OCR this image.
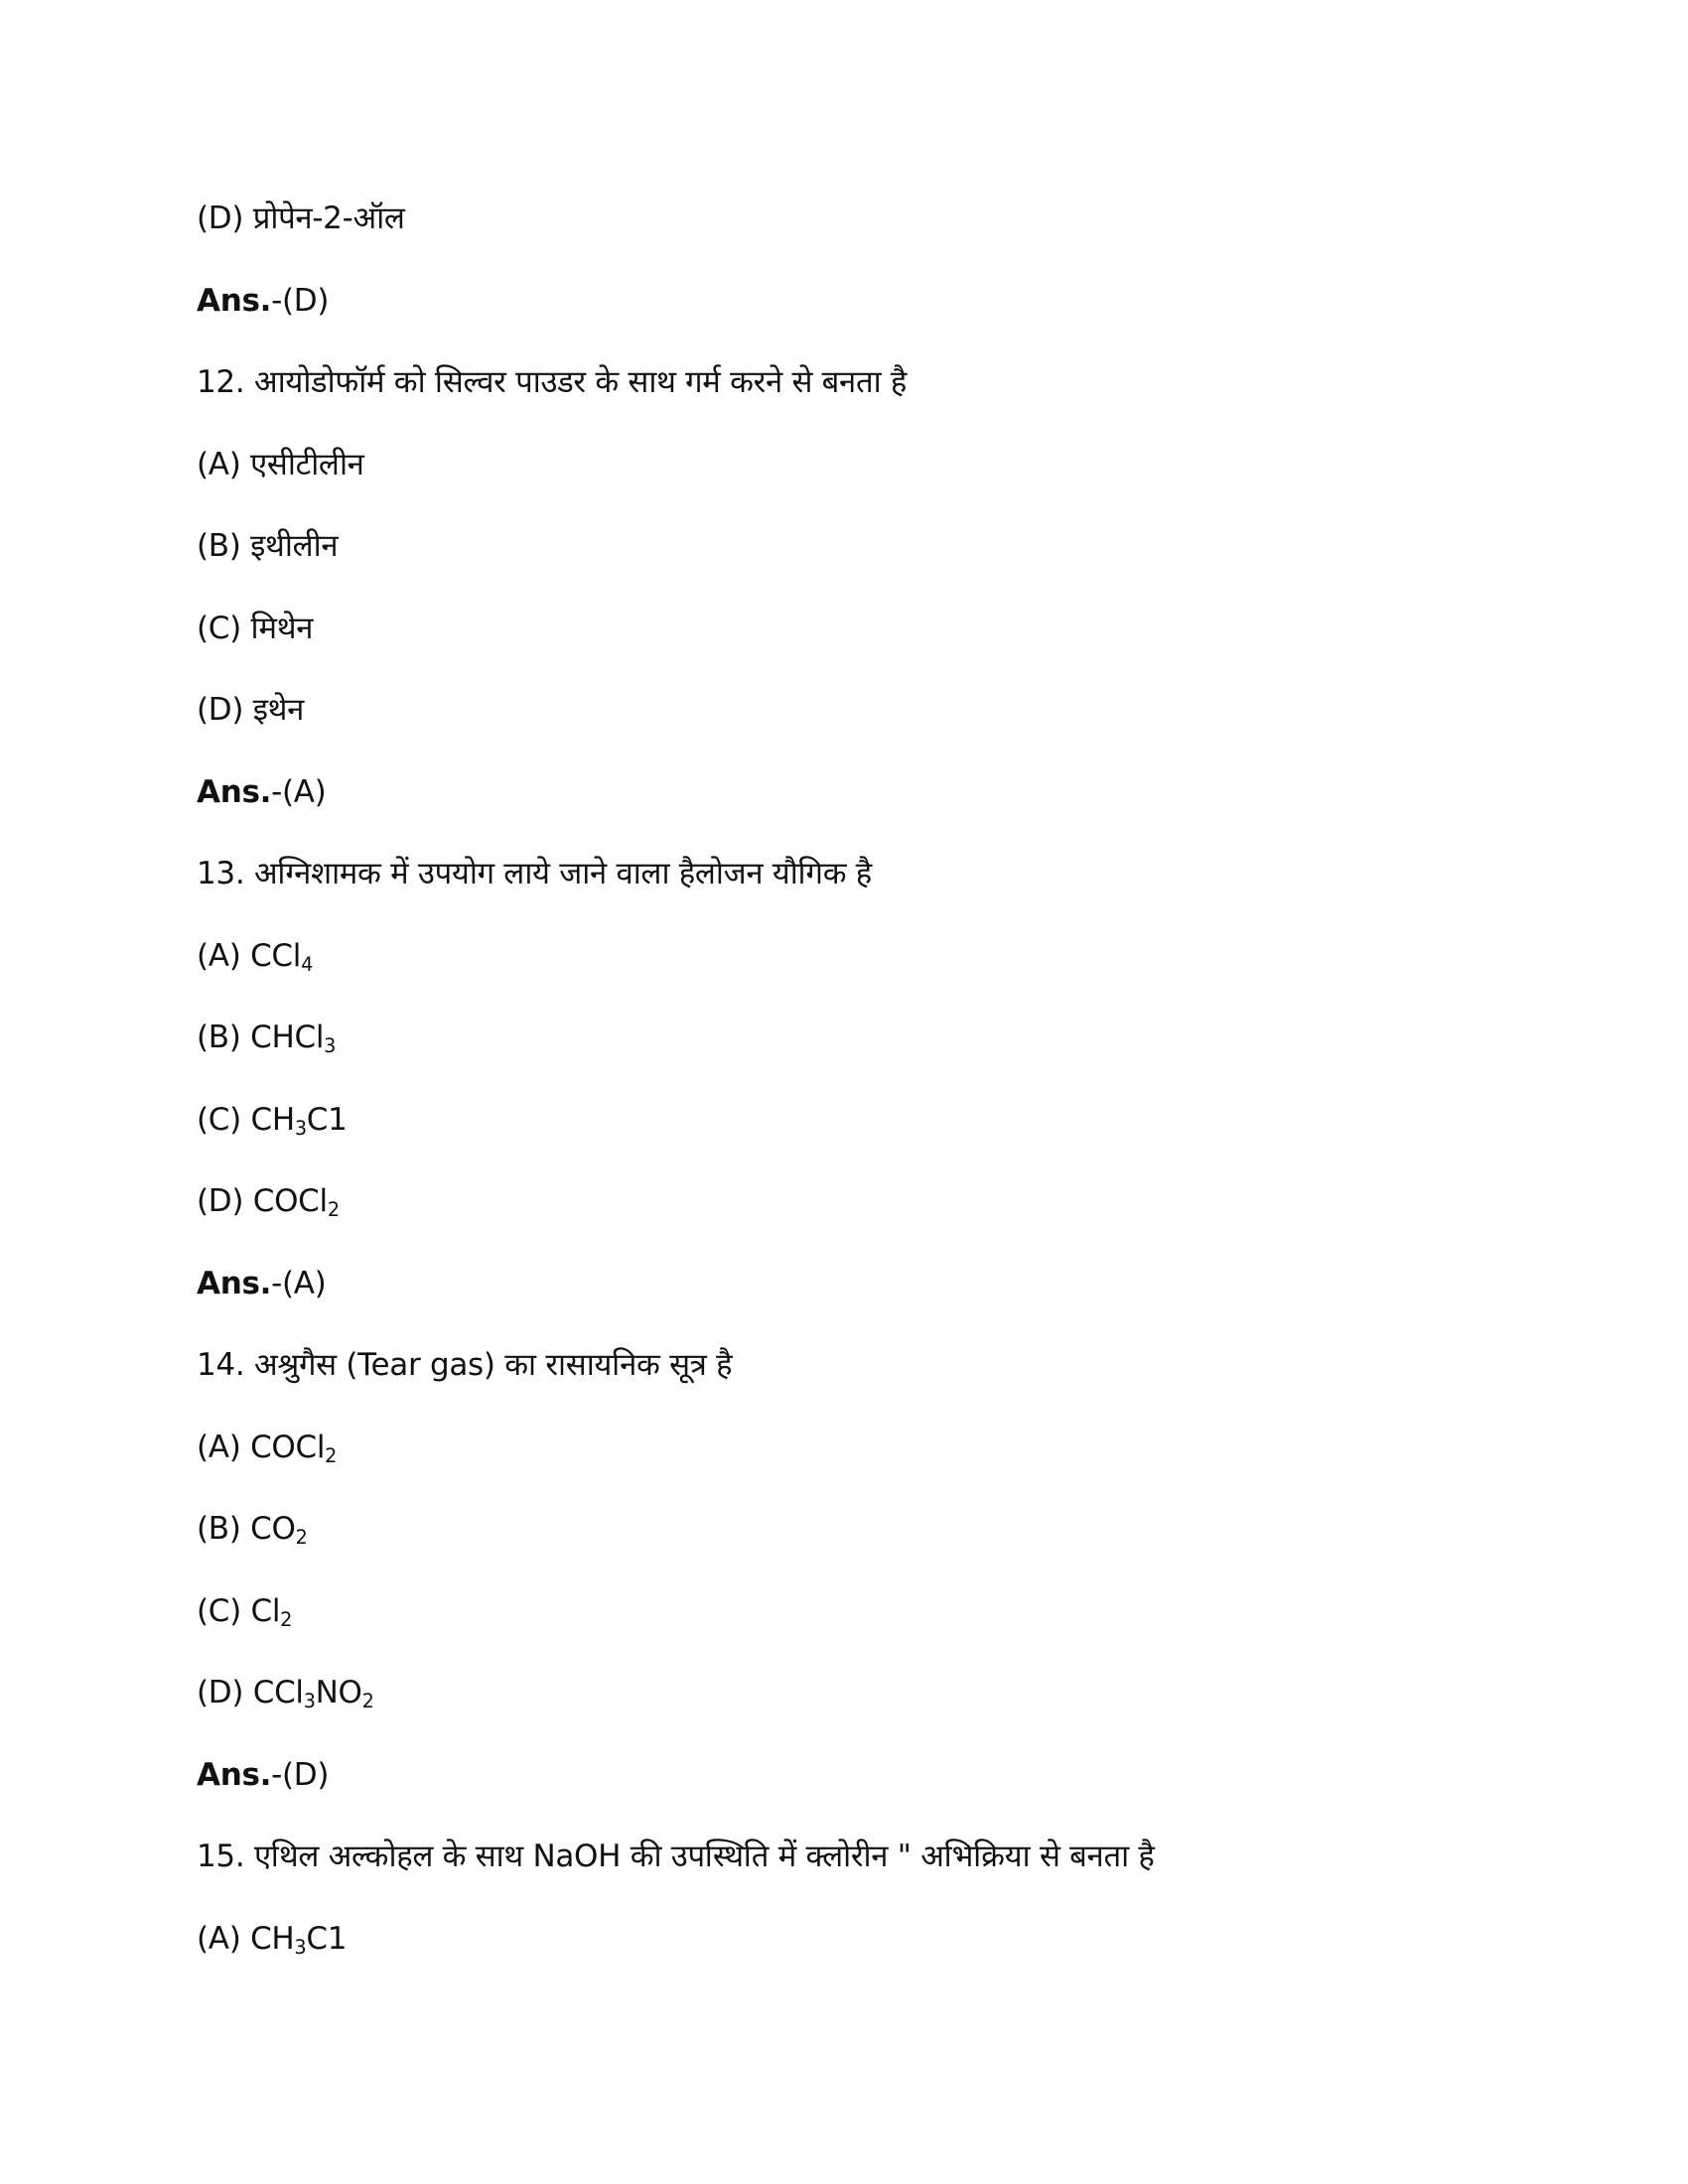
(D) प्रोपेन-2-ऑल
Ans.-(D)
12. आयोडोफॉर्म को सिल्वर पाउडर के साथ गर्म करने से बनता है
(A) एसीटीलीन
(B) इथीलीन
(C) मिथेन
(D) इथेन
Ans.-(A)
13. अग्निशामक में उपयोग लाये जाने वाला हैलोजन यौगिक है
(A) CCl$_4$
(B) CHCl$_3$
(C) $CH_3C1$
(D) COCl$_2$
Ans.-(A)
14. अश्रुगैस (Tear gas) का रासायनिक सूत्र है
(A) COCl$_2$
(B) $CO_2$
(C) $Cl_2$
(D) $CCl_3NO_2$
Ans.-(D)
15. एथिल अल्कोहल के साथ NaOH की उपस्थिति में क्लोरीन " अभिक्रिया से बनता है
(A) $CH_3C1$
